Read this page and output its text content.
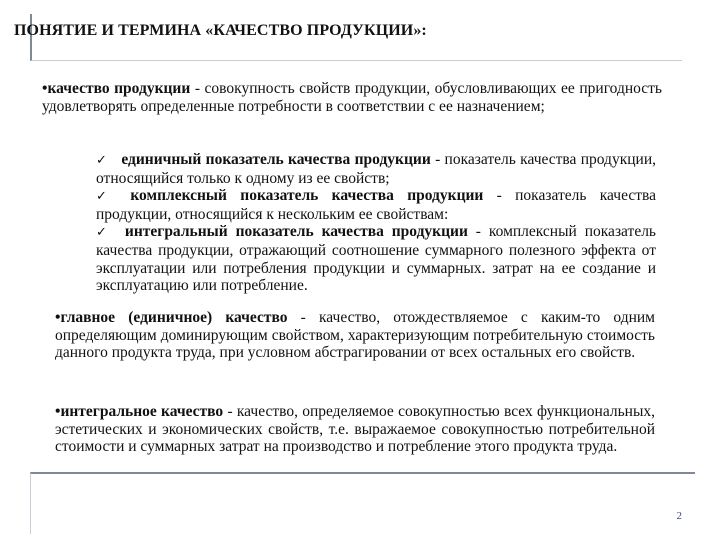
ПОНЯТИЕ И ТЕРМИНА «КАЧЕСТВО ПРОДУКЦИИ»:
•качество продукции - совокупность свойств продукции, обусловливающих ее пригодность удовлетворять определенные потребности в соответствии с ее назначением;

✓ единичный показатель качества продукции - показатель качества продукции, относящийся только к одному из ее свойств;

✓ комплексный показатель качества продукции - показатель качества продукции, относящийся к нескольким ее свойствам:

✓ интегральный показатель качества продукции - комплексный показатель качества продукции, отражающий соотношение суммарного полезного эффекта от эксплуатации или потребления продукции и суммарных. затрат на ее создание и эксплуатацию или потребление.

•главное (единичное) качество - качество, отождествляемое с каким-то одним определяющим доминирующим свойством, характеризующим потребительную стоимость данного продукта труда, при условном абстрагировании от всех остальных его свойств.
•интегральное качество - качество, определяемое совокупностью всех функциональных, эстетических и экономических свойств, т.е. выражаемое совокупностью потребительной стоимости и суммарных затрат на производство и потребление этого продукта труда.
2
